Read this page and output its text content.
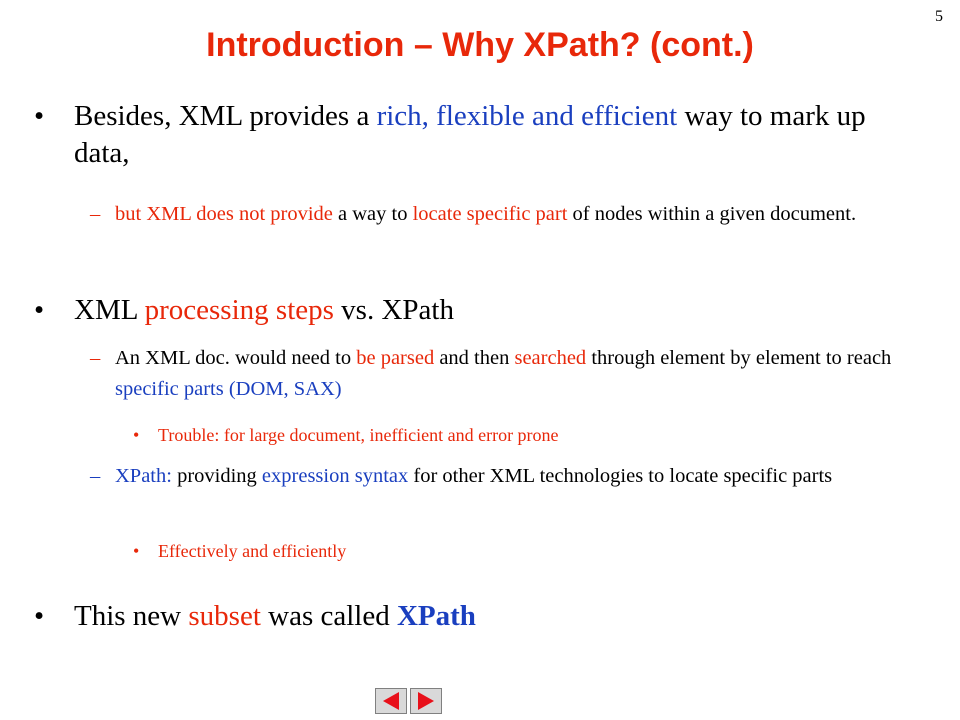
5
Introduction – Why XPath? (cont.)
• Besides, XML provides a rich, flexible and efficient way to mark up data,
– but XML does not provide a way to locate specific part of nodes within a given document.
• XML processing steps vs. XPath
– An XML doc. would need to be parsed and then searched through element by element to reach specific parts (DOM, SAX)
• Trouble: for large document, inefficient and error prone
– XPath: providing expression syntax for other XML technologies to locate specific parts
• Effectively and efficiently
• This new subset was called XPath
